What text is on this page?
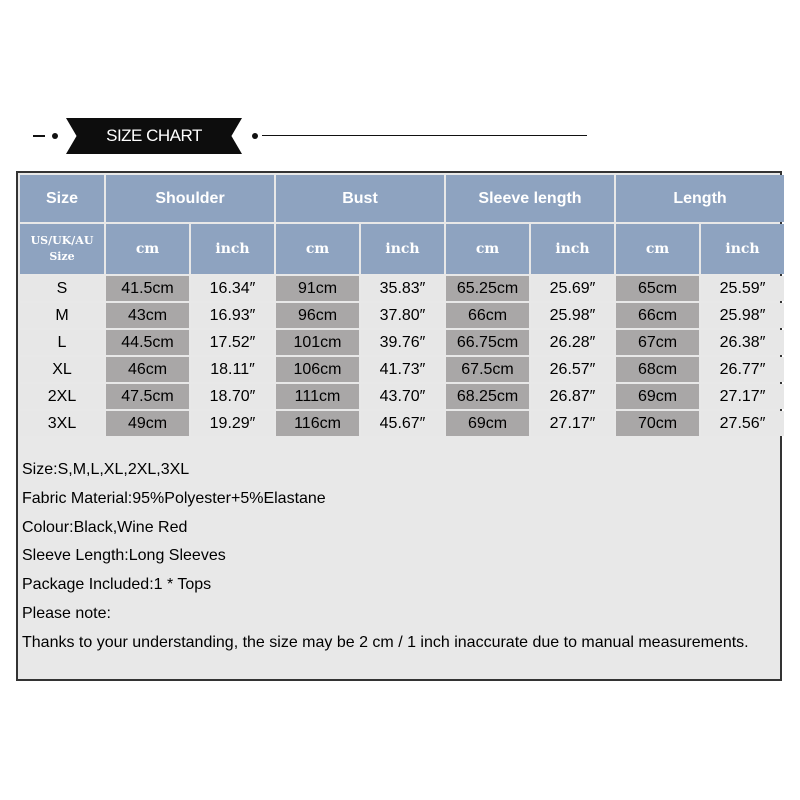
SIZE CHART
Size	Shoulder		Bust		Sleeve length		Length	

US/UK/AU
Size	cm	inch	cm	inch	cm	inch	cm	inch
S	41.5cm	16.34″	91cm	35.83″	65.25cm	25.69″	65cm	25.59″
M	43cm	16.93″	96cm	37.80″	66cm	25.98″	66cm	25.98″
L	44.5cm	17.52″	101cm	39.76″	66.75cm	26.28″	67cm	26.38″
XL	46cm	18.11″	106cm	41.73″	67.5cm	26.57″	68cm	26.77″
2XL	47.5cm	18.70″	111cm	43.70″	68.25cm	26.87″	69cm	27.17″
3XL	49cm	19.29″	116cm	45.67″	69cm	27.17″	70cm	27.56″
Size:S,M,L,XL,2XL,3XL
Fabric Material:95%Polyester+5%Elastane
Colour:Black,Wine Red
Sleeve Length:Long Sleeves
Package Included:1 * Tops
Please note:
Thanks to your understanding, the size may be 2 cm / 1 inch inaccurate due to manual measurements.
